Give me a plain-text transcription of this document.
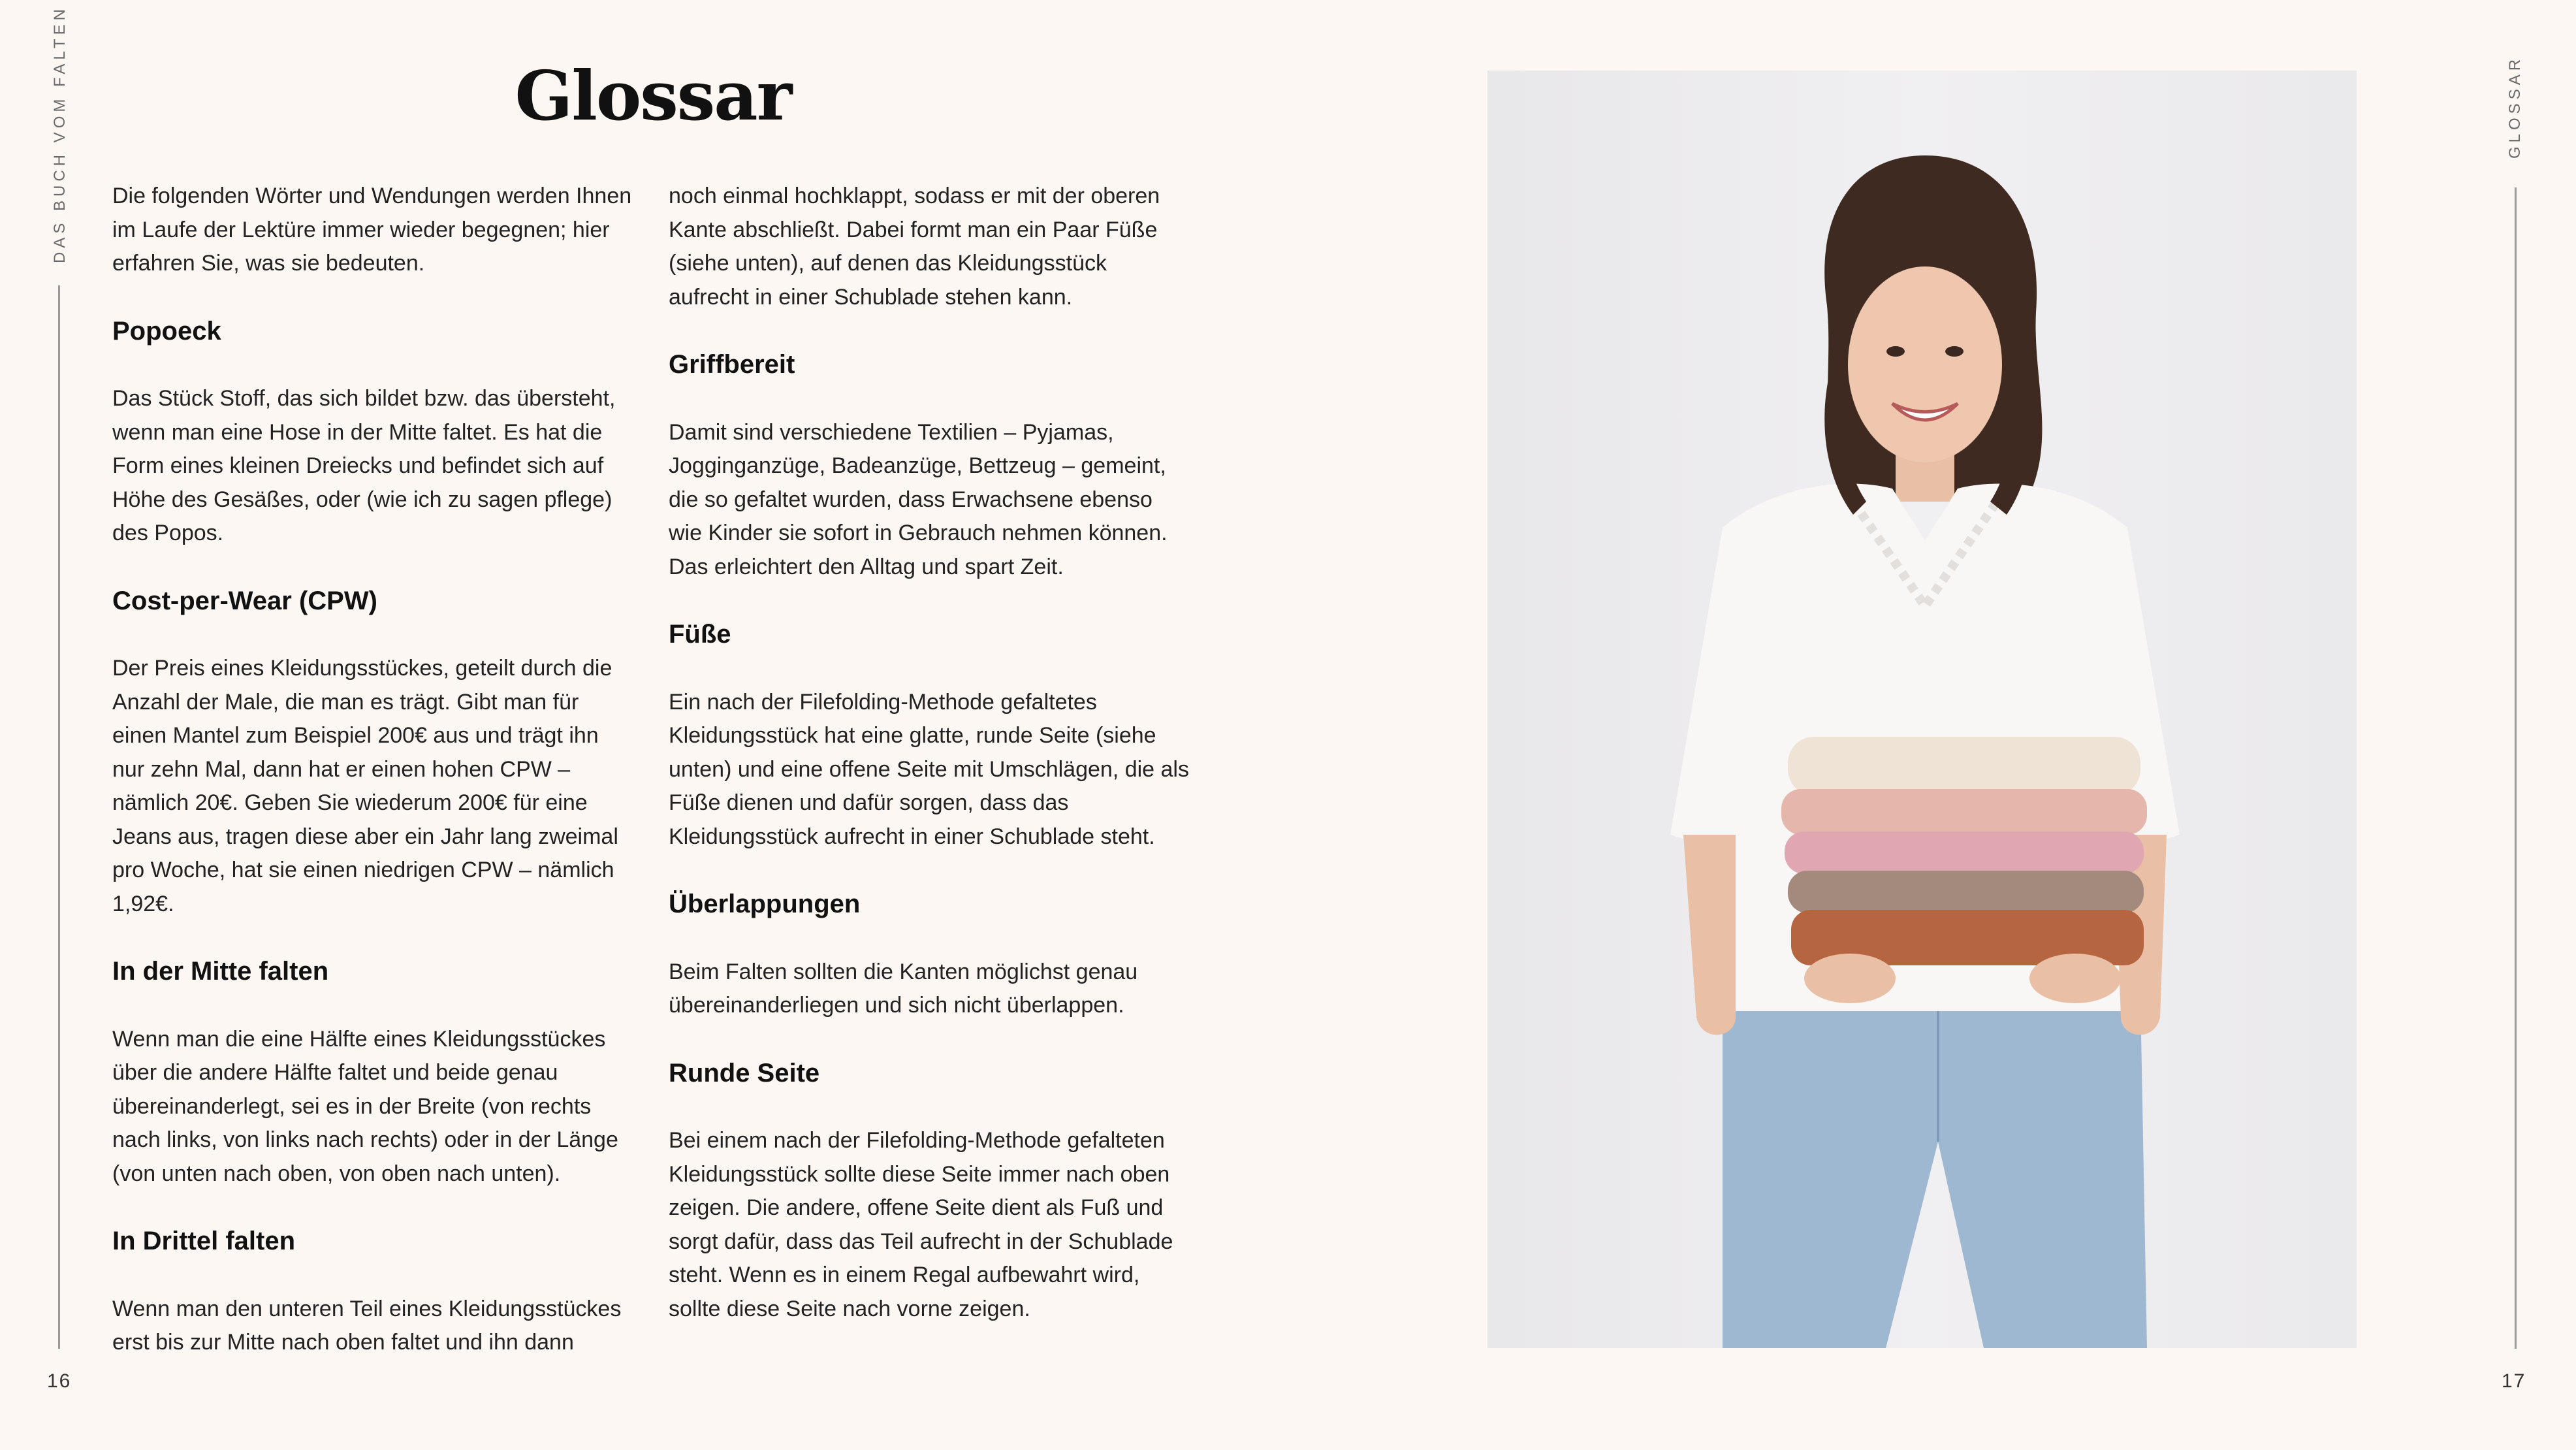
DAS BUCH VOM FALTEN
16
GLOSSAR
17
Glossar

Die folgenden Wörter und Wendungen werden Ihnen im Laufe der Lektüre immer wieder begegnen; hier erfahren Sie, was sie bedeuten.

Popoeck

Das Stück Stoff, das sich bildet bzw. das übersteht, wenn man eine Hose in der Mitte faltet. Es hat die Form eines kleinen Dreiecks und befindet sich auf Höhe des Gesäßes, oder (wie ich zu sagen pflege) des Popos.

Cost-per-Wear (CPW)

Der Preis eines Kleidungsstückes, geteilt durch die Anzahl der Male, die man es trägt. Gibt man für einen Mantel zum Beispiel 200€ aus und trägt ihn nur zehn Mal, dann hat er einen hohen CPW – nämlich 20€. Geben Sie wiederum 200€ für eine Jeans aus, tragen diese aber ein Jahr lang zweimal pro Woche, hat sie einen niedrigen CPW – nämlich 1,92€.

In der Mitte falten

Wenn man die eine Hälfte eines Kleidungsstückes über die andere Hälfte faltet und beide genau übereinanderlegt, sei es in der Breite (von rechts nach links, von links nach rechts) oder in der Länge (von unten nach oben, von oben nach unten).

In Drittel falten

Wenn man den unteren Teil eines Kleidungsstückes erst bis zur Mitte nach oben faltet und ihn dann

noch einmal hochklappt, sodass er mit der oberen Kante abschließt. Dabei formt man ein Paar Füße (siehe unten), auf denen das Kleidungsstück aufrecht in einer Schublade stehen kann.

Griffbereit

Damit sind verschiedene Textilien – Pyjamas, Jogginganzüge, Badeanzüge, Bettzeug – gemeint, die so gefaltet wurden, dass Erwachsene ebenso wie Kinder sie sofort in Gebrauch nehmen können. Das erleichtert den Alltag und spart Zeit.

Füße

Ein nach der Filefolding-Methode gefaltetes Kleidungsstück hat eine glatte, runde Seite (siehe unten) und eine offene Seite mit Umschlägen, die als Füße dienen und dafür sorgen, dass das Kleidungsstück aufrecht in einer Schublade steht.

Überlappungen

Beim Falten sollten die Kanten möglichst genau übereinanderliegen und sich nicht überlappen.

Runde Seite

Bei einem nach der Filefolding-Methode gefalteten Kleidungsstück sollte diese Seite immer nach oben zeigen. Die andere, offene Seite dient als Fuß und sorgt dafür, dass das Teil aufrecht in der Schublade steht. Wenn es in einem Regal aufbewahrt wird, sollte diese Seite nach vorne zeigen.
